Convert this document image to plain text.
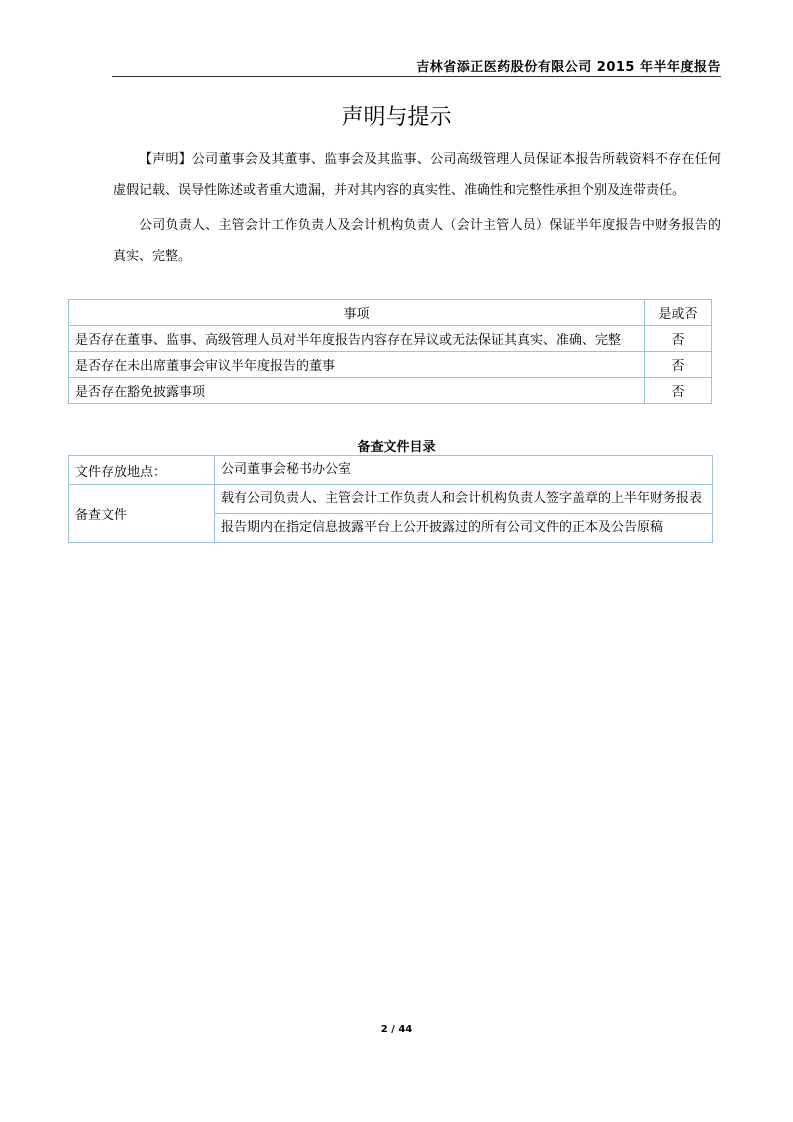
吉林省添正医药股份有限公司 2015 年半年度报告
声明与提示
【声明】公司董事会及其董事、监事会及其监事、公司高级管理人员保证本报告所载资料不存在任何虚假记载、误导性陈述或者重大遗漏，并对其内容的真实性、准确性和完整性承担个别及连带责任。
公司负责人、主管会计工作负责人及会计机构负责人（会计主管人员）保证半年度报告中财务报告的真实、完整。
事项	是或否
是否存在董事、监事、高级管理人员对半年度报告内容存在异议或无法保证其真实、准确、完整	否
是否存在未出席董事会审议半年度报告的董事	否
是否存在豁免披露事项	否
备查文件目录
文件存放地点：	公司董事会秘书办公室
备查文件	载有公司负责人、主管会计工作负责人和会计机构负责人签字盖章的上半年财务报表
	报告期内在指定信息披露平台上公开披露过的所有公司文件的正本及公告原稿
2 / 44
